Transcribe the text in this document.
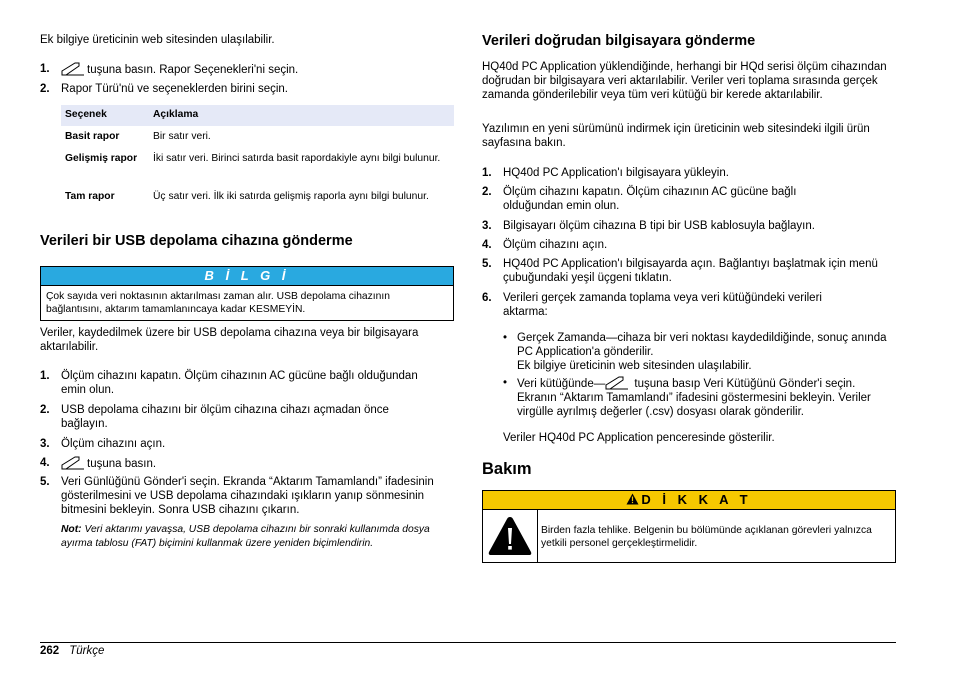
Ek bilgiye üreticinin web sitesinden ulaşılabilir.

1.	tuşuna basın. Rapor Seçenekleri'ni seçin.
2. Rapor Türü'nü ve seçeneklerden birini seçin.
Seçenek	Açıklama
Basit rapor	Bir satır veri.
Gelişmiş rapor	İki satır veri. Birinci satırda basit rapordakiyle aynı bilgi bulunur.
Tam rapor	Üç satır veri. İlk iki satırda gelişmiş raporla aynı bilgi bulunur.
Verileri bir USB depolama cihazına gönderme
B İ L G İ
Çok sayıda veri noktasının aktarılması zaman alır. USB depolama cihazının bağlantısını, aktarım tamamlanıncaya kadar KESMEYİN.

Veriler, kaydedilmek üzere bir USB depolama cihazına veya bir bilgisayara aktarılabilir.

1. Ölçüm cihazını kapatın. Ölçüm cihazının AC gücüne bağlı olduğundan emin olun.
2. USB depolama cihazını bir ölçüm cihazına cihazı açmadan önce bağlayın.
3. Ölçüm cihazını açın.
4.	tuşuna basın.
5. Veri Günlüğünü Gönder'i seçin. Ekranda “Aktarım Tamamlandı” ifadesinin gösterilmesini ve USB depolama cihazındaki ışıkların yanıp sönmesinin bitmesini bekleyin. Sonra USB cihazını çıkarın.

Not: Veri aktarımı yavaşsa, USB depolama cihazını bir sonraki kullanımda dosya ayırma tablosu (FAT) biçimini kullanmak üzere yeniden biçimlendirin.

Verileri doğrudan bilgisayara gönderme

HQ40d PC Application yüklendiğinde, herhangi bir HQd serisi ölçüm cihazından doğrudan bir bilgisayara veri aktarılabilir. Veriler veri toplama sırasında gerçek zamanda gönderilebilir veya tüm veri kütüğü bir kerede aktarılabilir.

Yazılımın en yeni sürümünü indirmek için üreticinin web sitesindeki ilgili ürün sayfasına bakın.

1. HQ40d PC Application'ı bilgisayara yükleyin.
2. Ölçüm cihazını kapatın. Ölçüm cihazının AC gücüne bağlı olduğundan emin olun.
3. Bilgisayarı ölçüm cihazına B tipi bir USB kablosuyla bağlayın.
4. Ölçüm cihazını açın.
5. HQ40d PC Application'ı bilgisayarda açın. Bağlantıyı başlatmak için menü çubuğundaki yeşil üçgeni tıklatın.
6. Verileri gerçek zamanda toplama veya veri kütüğündeki verileri aktarma:
• Gerçek Zamanda—cihaza bir veri noktası kaydedildiğinde, sonuç anında PC Application'a gönderilir.
Ek bilgiye üreticinin web sitesinden ulaşılabilir.
• Veri kütüğünde— tuşuna basıp Veri Kütüğünü Gönder'i seçin. Ekranın “Aktarım Tamamlandı” ifadesini göstermesini bekleyin. Veriler virgülle ayrılmış değerler (.csv) dosyası olarak gönderilir.

Veriler HQ40d PC Application penceresinde gösterilir.

Bakım
D İ K K A T
Birden fazla tehlike. Belgenin bu bölümünde açıklanan görevleri yalnızca yetkili personel gerçekleştirmelidir.
262 Türkçe
